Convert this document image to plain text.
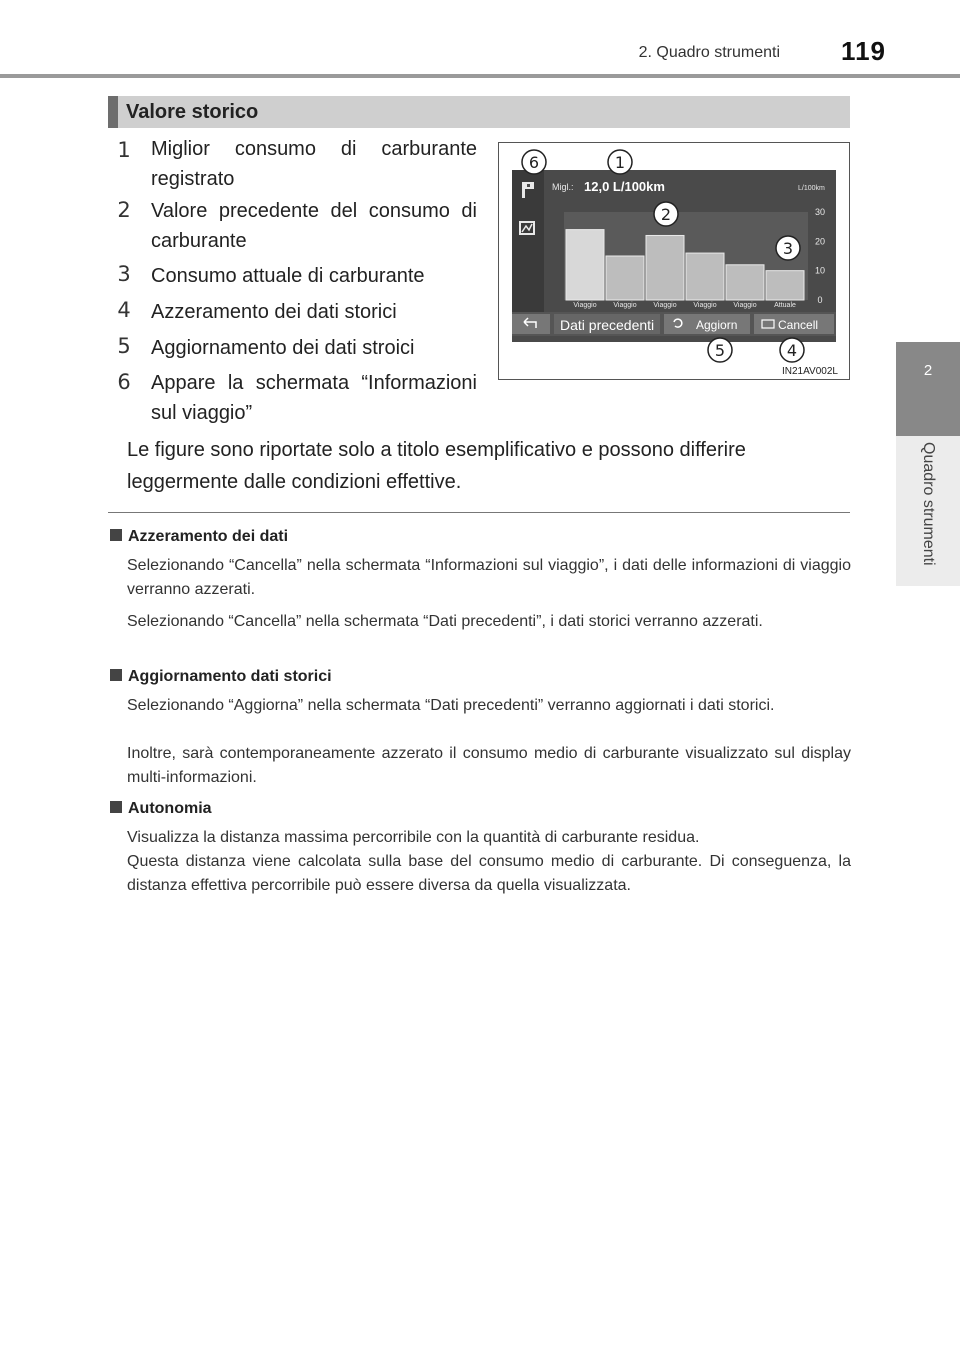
2. Quadro strumenti 119
2
Quadro strumenti
Valore storico
1 Miglior consumo di carburante registrato
2 Valore precedente del consumo di carburante
3 Consumo attuale di carburante
4 Azzeramento dei dati storici
5 Aggiornamento dei dati stroici
6 Appare la schermata “Informazioni sul viaggio”
Le figure sono riportate solo a titolo esemplificativo e possono differire leggermente dalle condizioni effettive.
Migl.: 12,0 L/100km	L/100km
30
20
10
0
Viaggio Viaggio Viaggio Viaggio Viaggio Attuale
Dati precedenti	Aggiorn	Cancell
6	1
2
3
5	4
IN21AV002L
Azzeramento dei dati
Selezionando “Cancella” nella schermata “Informazioni sul viaggio”, i dati delle informazioni di viaggio verranno azzerati.
Selezionando “Cancella” nella schermata “Dati precedenti”, i dati storici verranno azzerati.
Aggiornamento dati storici
Selezionando “Aggiorna” nella schermata “Dati precedenti” verranno aggiornati i dati storici.
Inoltre, sarà contemporaneamente azzerato il consumo medio di carburante visualizzato sul display multi-informazioni.
Autonomia
Visualizza la distanza massima percorribile con la quantità di carburante residua.
Questa distanza viene calcolata sulla base del consumo medio di carburante. Di conseguenza, la distanza effettiva percorribile può essere diversa da quella visualizzata.
